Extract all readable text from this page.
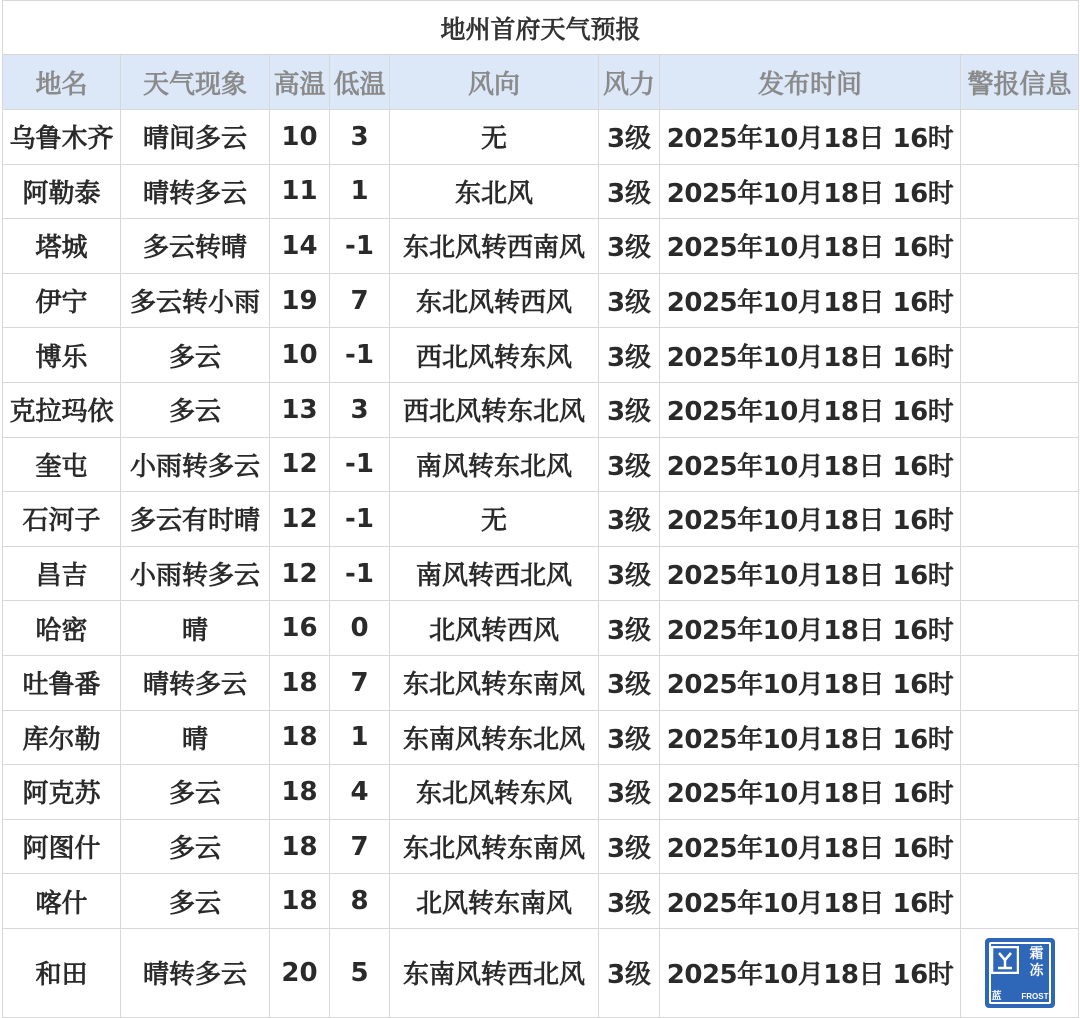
地州首府天气预报							
地名	天气现象	高温	低温	风向	风力	发布时间	警报信息
乌鲁木齐	晴间多云	10	3	无	3级	2025年10月18日 16时	
阿勒泰	晴转多云	11	1	东北风	3级	2025年10月18日 16时	
塔城	多云转晴	14	-1	东北风转西南风	3级	2025年10月18日 16时	
伊宁	多云转小雨	19	7	东北风转西风	3级	2025年10月18日 16时	
博乐	多云	10	-1	西北风转东风	3级	2025年10月18日 16时	
克拉玛依	多云	13	3	西北风转东北风	3级	2025年10月18日 16时	
奎屯	小雨转多云	12	-1	南风转东北风	3级	2025年10月18日 16时	
石河子	多云有时晴	12	-1	无	3级	2025年10月18日 16时	
昌吉	小雨转多云	12	-1	南风转西北风	3级	2025年10月18日 16时	
哈密	晴	16	0	北风转西风	3级	2025年10月18日 16时	
吐鲁番	晴转多云	18	7	东北风转东南风	3级	2025年10月18日 16时	
库尔勒	晴	18	1	东南风转东北风	3级	2025年10月18日 16时	
阿克苏	多云	18	4	东北风转东风	3级	2025年10月18日 16时	
阿图什	多云	18	7	东北风转东南风	3级	2025年10月18日 16时	
喀什	多云	18	8	北风转东南风	3级	2025年10月18日 16时	
和田	晴转多云	20	5	东南风转西北风	3级	2025年10月18日 16时	霜
冻
蓝 FROST
